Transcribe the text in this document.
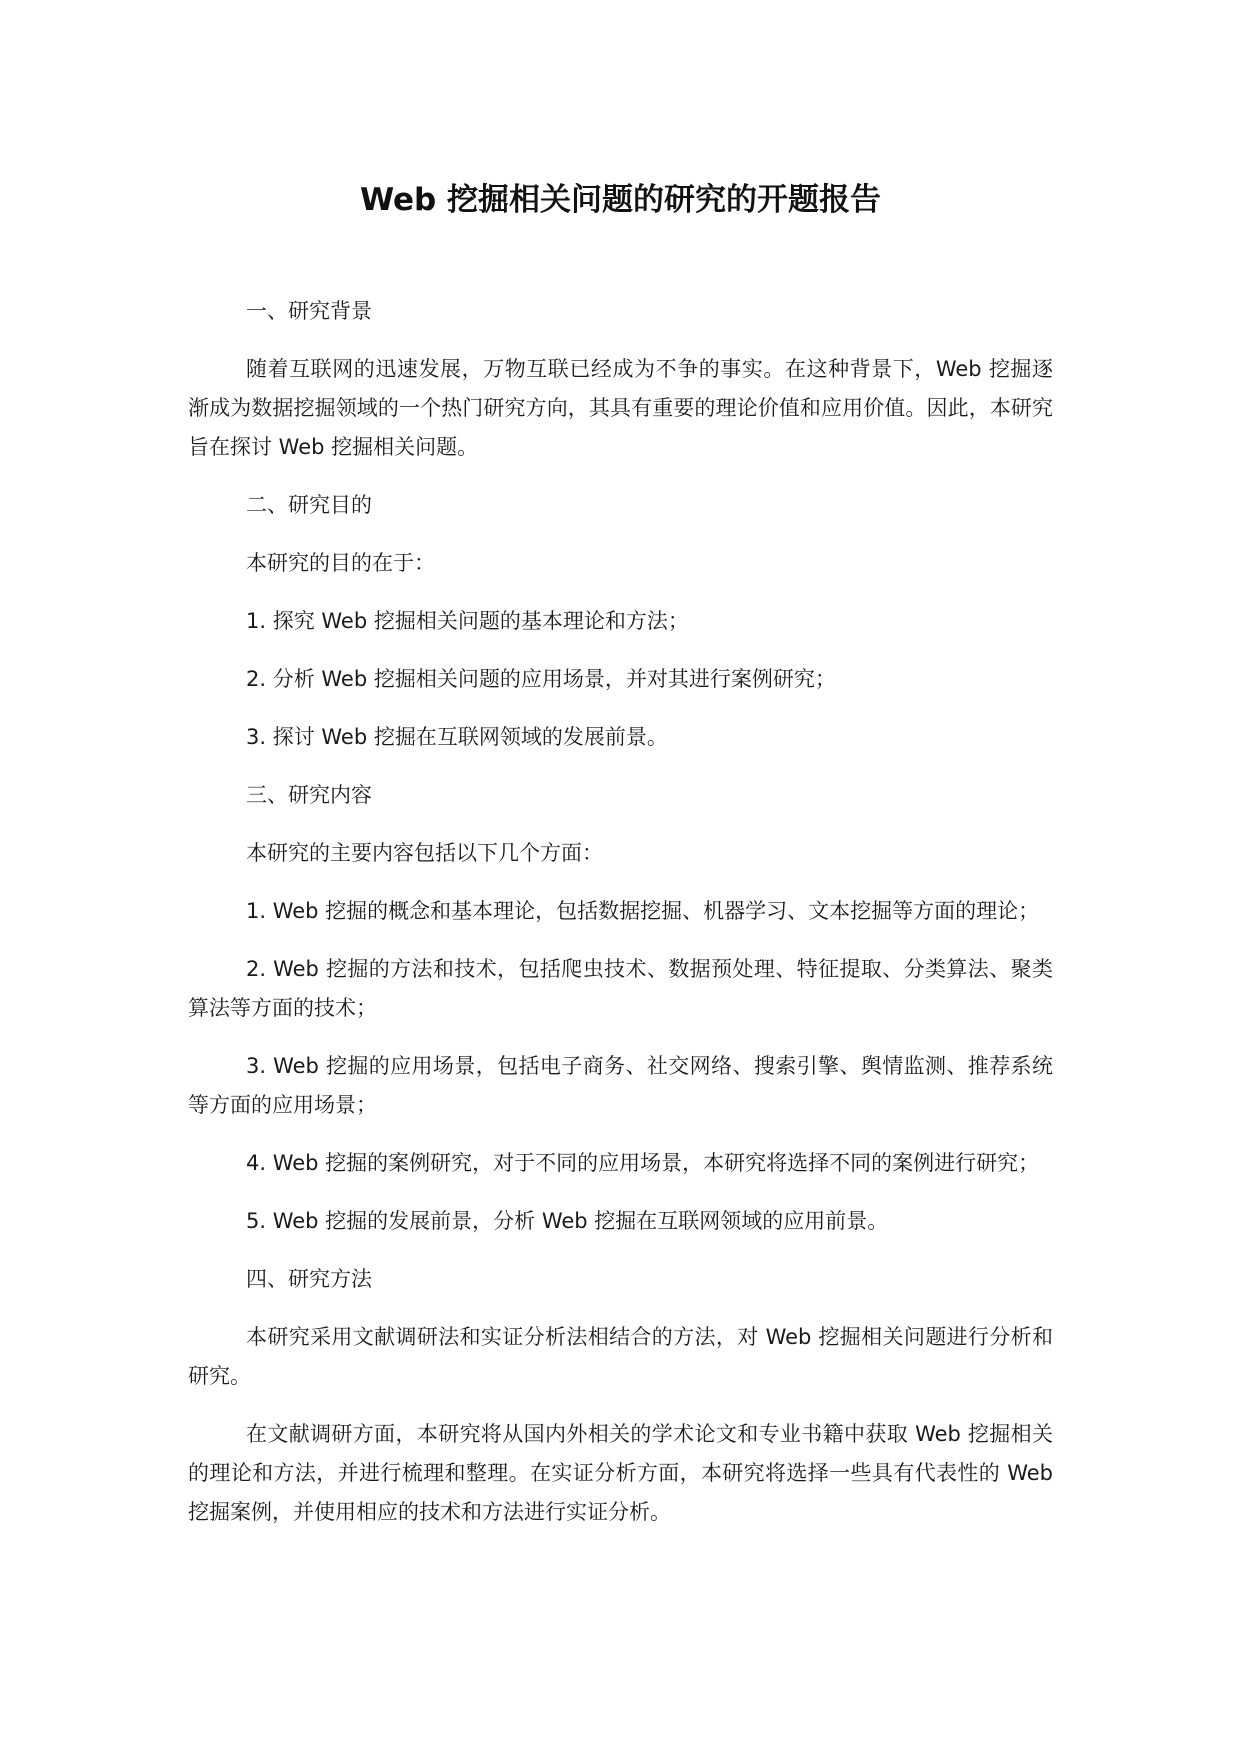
Web 挖掘相关问题的研究的开题报告

一、研究背景

随着互联网的迅速发展，万物互联已经成为不争的事实。在这种背景下，Web 挖掘逐渐成为数据挖掘领域的一个热门研究方向，其具有重要的理论价值和应用价值。因此，本研究旨在探讨 Web 挖掘相关问题。

二、研究目的

本研究的目的在于：

1. 探究 Web 挖掘相关问题的基本理论和方法；

2. 分析 Web 挖掘相关问题的应用场景，并对其进行案例研究；

3. 探讨 Web 挖掘在互联网领域的发展前景。

三、研究内容

本研究的主要内容包括以下几个方面：

1. Web 挖掘的概念和基本理论，包括数据挖掘、机器学习、文本挖掘等方面的理论；

2. Web 挖掘的方法和技术，包括爬虫技术、数据预处理、特征提取、分类算法、聚类算法等方面的技术；

3. Web 挖掘的应用场景，包括电子商务、社交网络、搜索引擎、舆情监测、推荐系统等方面的应用场景；

4. Web 挖掘的案例研究，对于不同的应用场景，本研究将选择不同的案例进行研究；

5. Web 挖掘的发展前景，分析 Web 挖掘在互联网领域的应用前景。

四、研究方法

本研究采用文献调研法和实证分析法相结合的方法，对 Web 挖掘相关问题进行分析和研究。

在文献调研方面，本研究将从国内外相关的学术论文和专业书籍中获取 Web 挖掘相关的理论和方法，并进行梳理和整理。在实证分析方面，本研究将选择一些具有代表性的 Web 挖掘案例，并使用相应的技术和方法进行实证分析。
